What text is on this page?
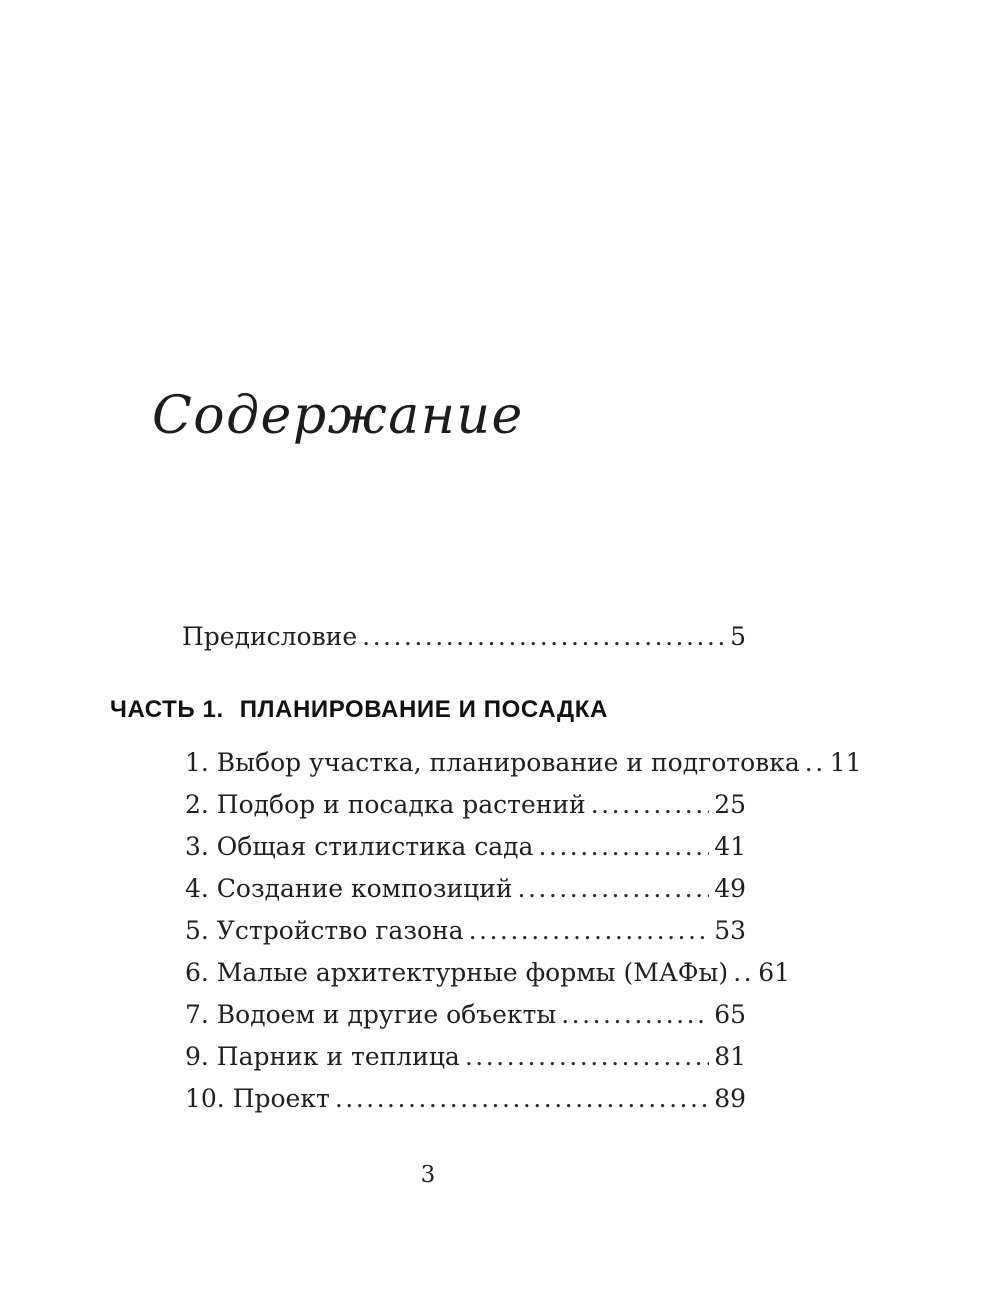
Содержание
Предисловие .....	5
ЧАСТЬ 1. ПЛАНИРОВАНИЕ И ПОСАДКА
1. Выбор участка, планирование и подготовка ..... 11
2. Подбор и посадка растений .....	25
3. Общая стилистика сада .....	41
4. Создание композиций .....	49
5. Устройство газона .....	53
6. Малые архитектурные формы (МАФы) ..... 61
7. Водоем и другие объекты .....	65
9. Парник и теплица .....	81
10. Проект .....	89
3
